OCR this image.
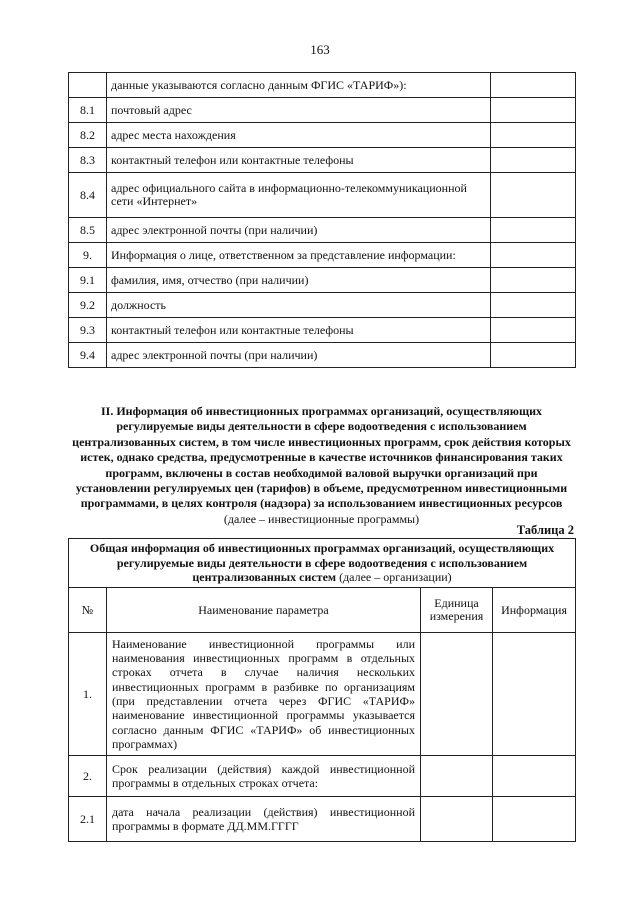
163
	данные указываются согласно данным ФГИС «ТАРИФ»):	
8.1	почтовый адрес	
8.2	адрес места нахождения	
8.3	контактный телефон или контактные телефоны	
8.4	адрес официального сайта в информационно-телекоммуникационной сети «Интернет»	
8.5	адрес электронной почты (при наличии)	
9.	Информация о лице, ответственном за представление информации:	
9.1	фамилия, имя, отчество (при наличии)	
9.2	должность	
9.3	контактный телефон или контактные телефоны	
9.4	адрес электронной почты (при наличии)	
II. Информация об инвестиционных программах организаций, осуществляющих регулируемые виды деятельности в сфере водоотведения с использованием централизованных систем, в том числе инвестиционных программ, срок действия которых истек, однако средства, предусмотренные в качестве источников финансирования таких программ, включены в состав необходимой валовой выручки организаций при установлении регулируемых цен (тарифов) в объеме, предусмотренном инвестиционными программами, в целях контроля (надзора) за использованием инвестиционных ресурсов (далее – инвестиционные программы)
Таблица 2
Общая информация об инвестиционных программах организаций, осуществляющих регулируемые виды деятельности в сфере водоотведения с использованием централизованных систем (далее – организации)			
№	Наименование параметра	Единица измерения	Информация
1.	Наименование инвестиционной программы или наименования инвестиционных программ в отдельных строках отчета в случае наличия нескольких инвестиционных программ в разбивке по организациям (при представлении отчета через ФГИС «ТАРИФ» наименование инвестиционной программы указывается согласно данным ФГИС «ТАРИФ» об инвестиционных программах)		
2.	Срок реализации (действия) каждой инвестиционной программы в отдельных строках отчета:		
2.1	дата начала реализации (действия) инвестиционной программы в формате ДД.ММ.ГГГГ		
